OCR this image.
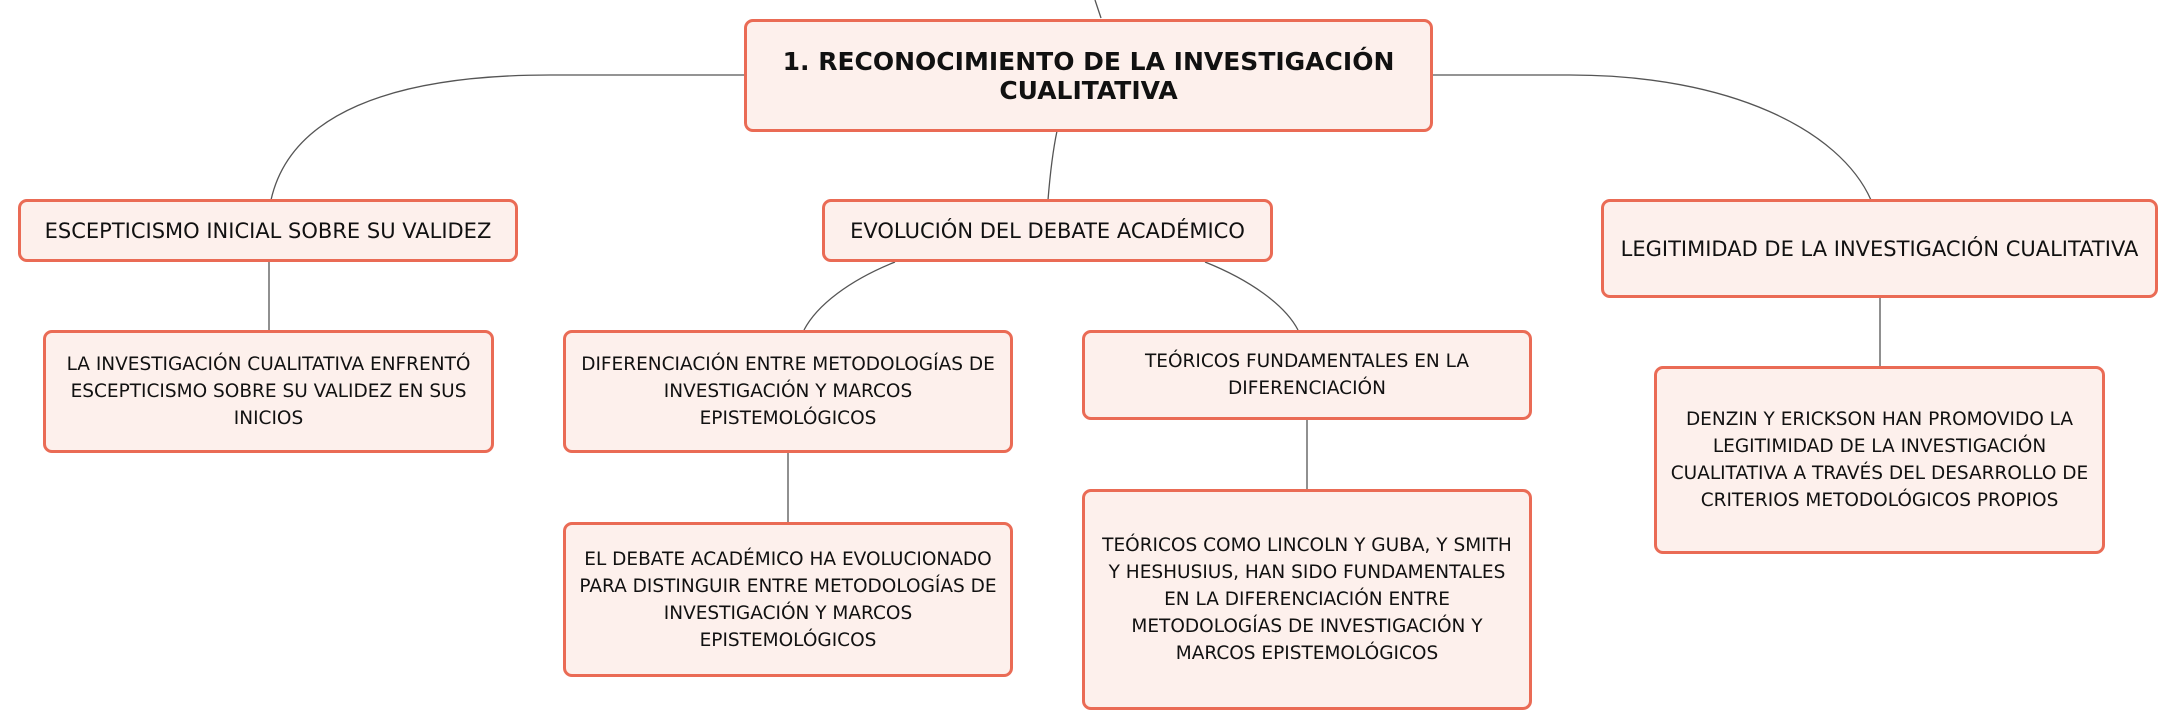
1. RECONOCIMIENTO DE LA INVESTIGACIÓN CUALITATIVA
ESCEPTICISMO INICIAL SOBRE SU VALIDEZ	EVOLUCIÓN DEL DEBATE ACADÉMICO
LEGITIMIDAD DE LA INVESTIGACIÓN CUALITATIVA
LA INVESTIGACIÓN CUALITATIVA ENFRENTÓ ESCEPTICISMO SOBRE SU VALIDEZ EN SUS INICIOS
DIFERENCIACIÓN ENTRE METODOLOGÍAS DE INVESTIGACIÓN Y MARCOS EPISTEMOLÓGICOS
TEÓRICOS FUNDAMENTALES EN LA DIFERENCIACIÓN
EL DEBATE ACADÉMICO HA EVOLUCIONADO PARA DISTINGUIR ENTRE METODOLOGÍAS DE INVESTIGACIÓN Y MARCOS EPISTEMOLÓGICOS
TEÓRICOS COMO LINCOLN Y GUBA, Y SMITH Y HESHUSIUS, HAN SIDO FUNDAMENTALES EN LA DIFERENCIACIÓN ENTRE METODOLOGÍAS DE INVESTIGACIÓN Y MARCOS EPISTEMOLÓGICOS
DENZIN Y ERICKSON HAN PROMOVIDO LA LEGITIMIDAD DE LA INVESTIGACIÓN CUALITATIVA A TRAVÉS DEL DESARROLLO DE CRITERIOS METODOLÓGICOS PROPIOS
